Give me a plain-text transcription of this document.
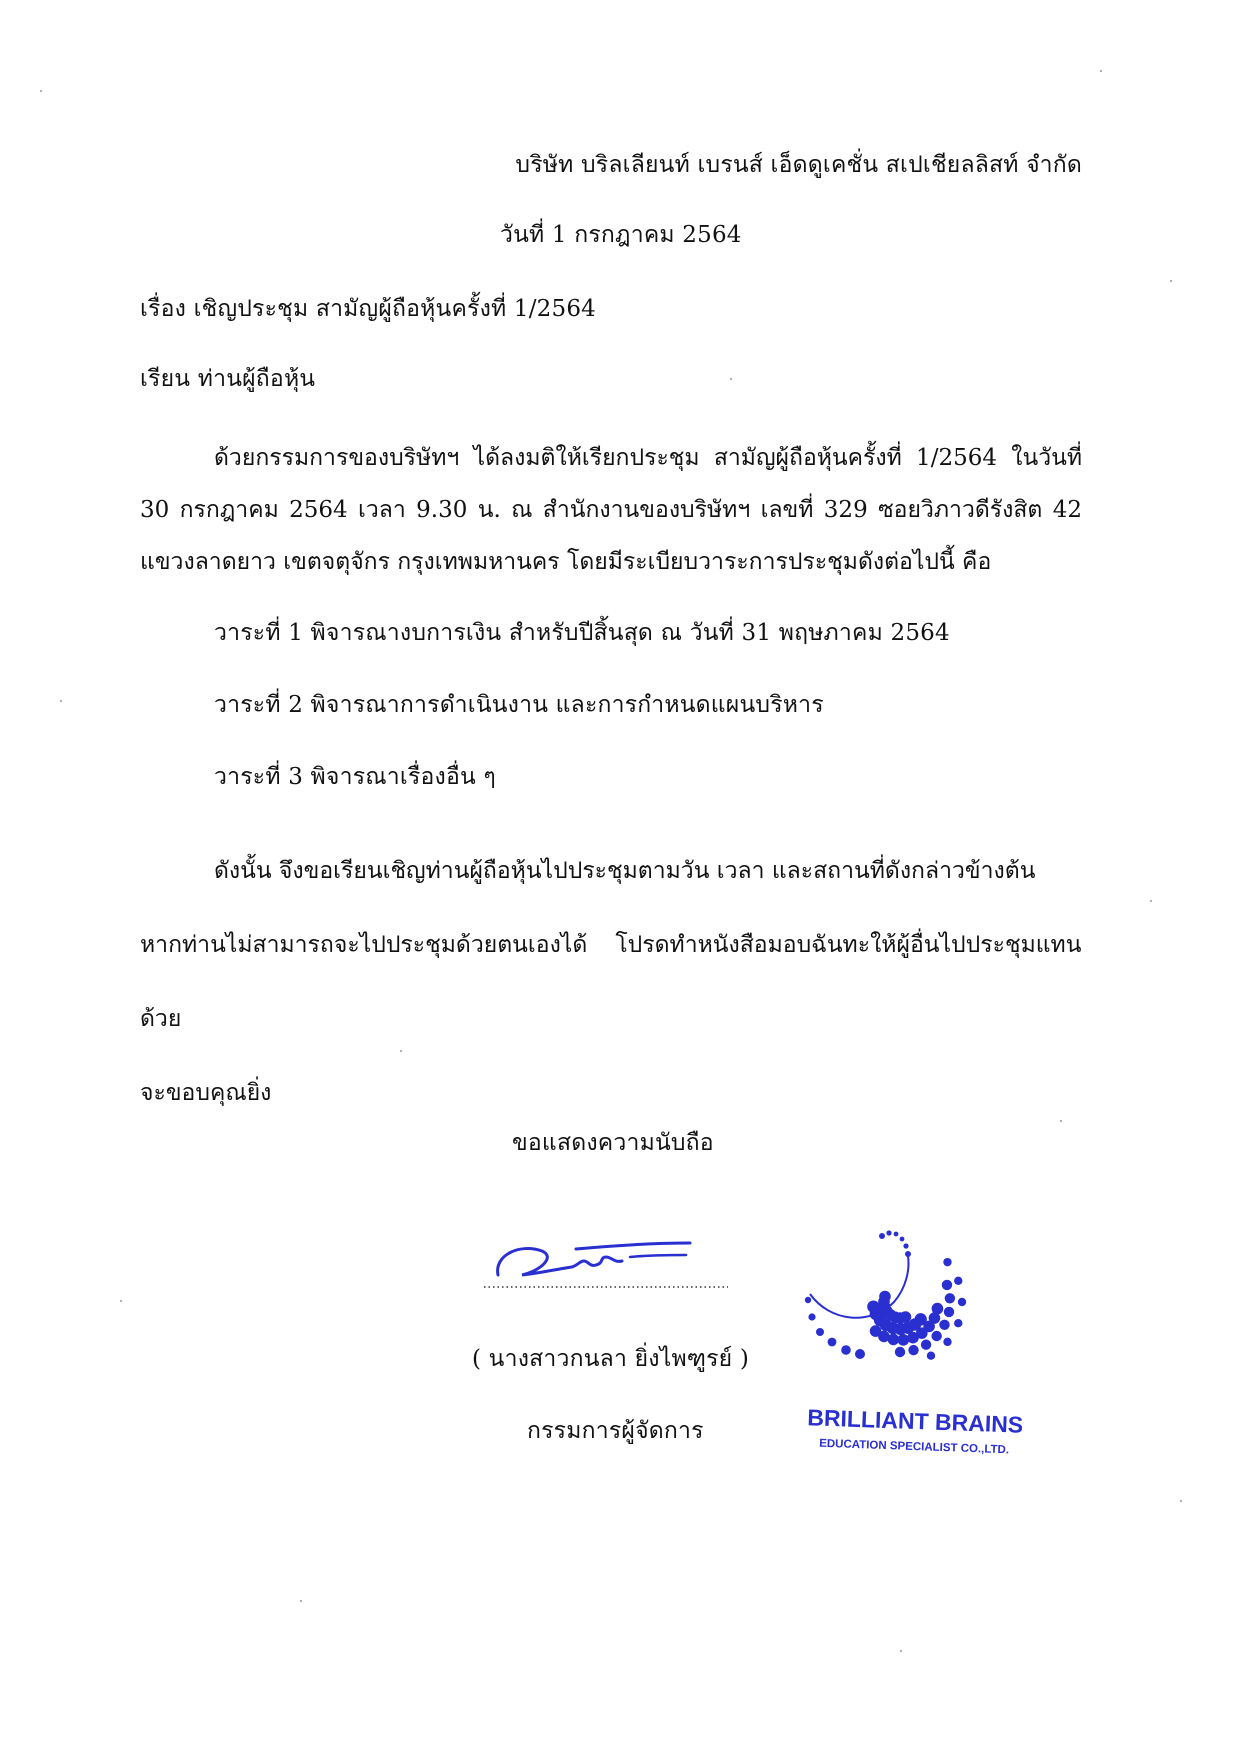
บริษัท บริลเลียนท์ เบรนส์ เอ็ดดูเคชั่น สเปเชียลลิสท์ จำกัด
วันที่ 1 กรกฎาคม 2564
เรื่อง เชิญประชุม สามัญผู้ถือหุ้นครั้งที่ 1/2564
เรียน ท่านผู้ถือหุ้น
ด้วยกรรมการของบริษัทฯ ได้ลงมติให้เรียกประชุม สามัญผู้ถือหุ้นครั้งที่ 1/2564 ในวันที่ 30 กรกฎาคม 2564 เวลา 9.30 น. ณ สำนักงานของบริษัทฯ เลขที่ 329 ซอยวิภาวดีรังสิต 42 แขวงลาดยาว เขตจตุจักร กรุงเทพมหานคร โดยมีระเบียบวาระการประชุมดังต่อไปนี้ คือ
วาระที่ 1 พิจารณางบการเงิน สำหรับปีสิ้นสุด ณ วันที่ 31 พฤษภาคม 2564
วาระที่ 2 พิจารณาการดำเนินงาน และการกำหนดแผนบริหาร
วาระที่ 3 พิจารณาเรื่องอื่น ๆ
ดังนั้น จึงขอเรียนเชิญท่านผู้ถือหุ้นไปประชุมตามวัน เวลา และสถานที่ดังกล่าวข้างต้น
หากท่านไม่สามารถจะไปประชุมด้วยตนเองได้ โปรดทำหนังสือมอบฉันทะให้ผู้อื่นไปประชุมแทนด้วย
จะขอบคุณยิ่ง
ขอแสดงความนับถือ
( นางสาวกนลา ยิ่งไพฑูรย์ )
กรรมการผู้จัดการ	BRILLIANT BRAINS
EDUCATION SPECIALIST CO.,LTD.
